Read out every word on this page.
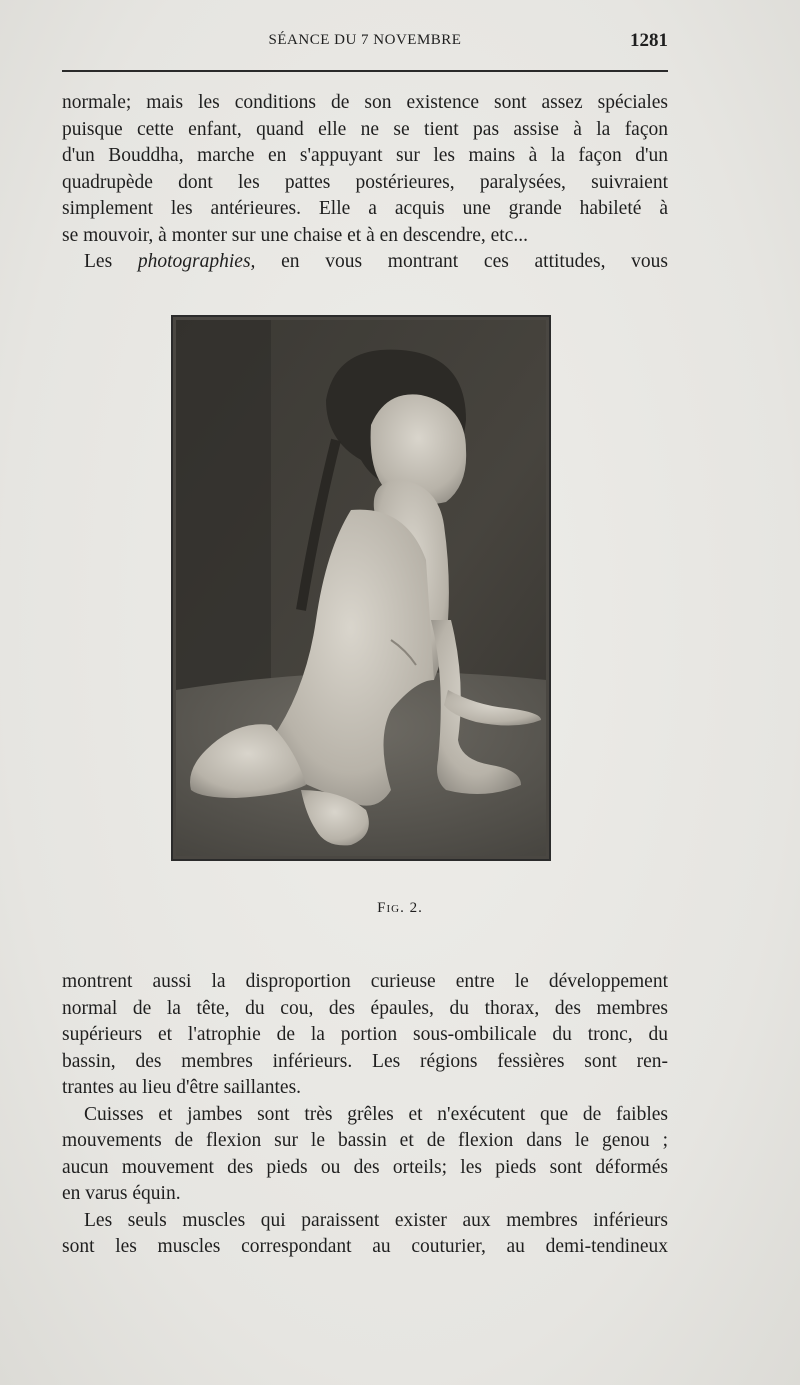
SÉANCE DU 7 NOVEMBRE	1281
normale; mais les conditions de son existence sont assez spéciales
puisque cette enfant, quand elle ne se tient pas assise à la façon
d'un Bouddha, marche en s'appuyant sur les mains à la façon d'un
quadrupède dont les pattes postérieures, paralysées, suivraient
simplement les antérieures. Elle a acquis une grande habileté à
se mouvoir, à monter sur une chaise et à en descendre, etc...
Les photographies, en vous montrant ces attitudes, vous
Fig. 2.
montrent aussi la disproportion curieuse entre le développement
normal de la tête, du cou, des épaules, du thorax, des membres
supérieurs et l'atrophie de la portion sous-ombilicale du tronc, du
bassin, des membres inférieurs. Les régions fessières sont ren-
trantes au lieu d'être saillantes.
Cuisses et jambes sont très grêles et n'exécutent que de faibles
mouvements de flexion sur le bassin et de flexion dans le genou ;
aucun mouvement des pieds ou des orteils; les pieds sont déformés
en varus équin.
Les seuls muscles qui paraissent exister aux membres inférieurs
sont les muscles correspondant au couturier, au demi-tendineux
